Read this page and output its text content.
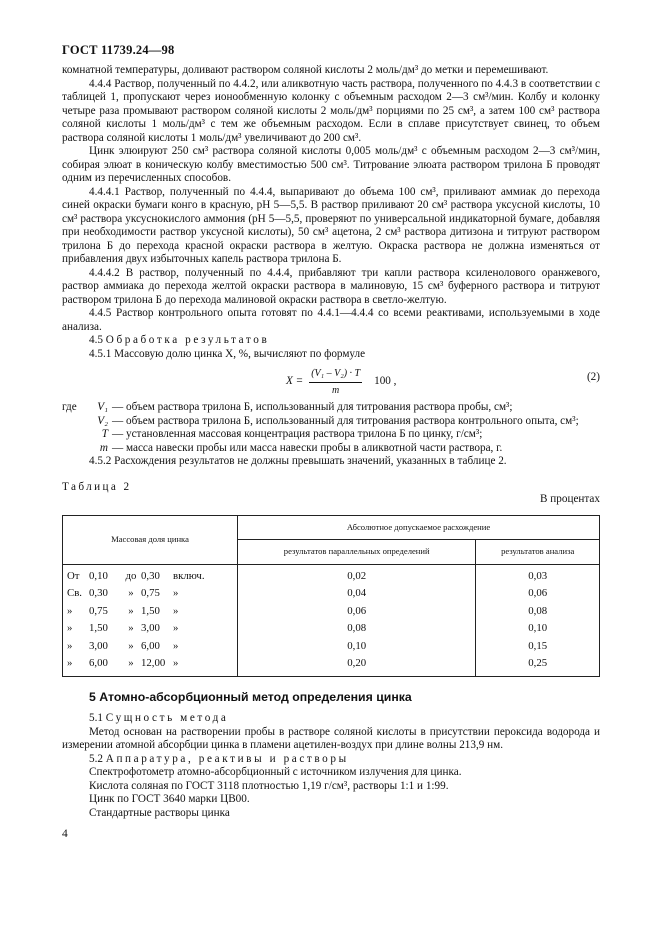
ГОСТ 11739.24—98

комнатной температуры, доливают раствором соляной кислоты 2 моль/дм³ до метки и перемешивают.

4.4.4 Раствор, полученный по 4.4.2, или аликвотную часть раствора, полученного по 4.4.3 в соответствии с таблицей 1, пропускают через ионообменную колонку с объемным расходом 2—3 см³/мин. Колбу и колонку четыре раза промывают раствором соляной кислоты 2 моль/дм³ порциями по 25 см³, а затем 100 см³ раствора соляной кислоты 1 моль/дм³ с тем же объемным расходом. Если в сплаве присутствует свинец, то объем раствора соляной кислоты 1 моль/дм³ увеличивают до 200 см³.

Цинк элюируют 250 см³ раствора соляной кислоты 0,005 моль/дм³ с объемным расходом 2—3 см³/мин, собирая элюат в коническую колбу вместимостью 500 см³. Титрование элюата раствором трилона Б проводят одним из перечисленных способов.

4.4.4.1 Раствор, полученный по 4.4.4, выпаривают до объема 100 см³, приливают аммиак до перехода синей окраски бумаги конго в красную, pH 5—5,5. В раствор приливают 20 см³ раствора уксусной кислоты, 10 см³ раствора уксуснокислого аммония (pH 5—5,5, проверяют по универсальной индикаторной бумаге, добавляя при необходимости раствор уксусной кислоты), 50 см³ ацетона, 2 см³ раствора дитизона и титруют раствором трилона Б до перехода красной окраски раствора в желтую. Окраска раствора не должна изменяться от прибавления двух избыточных капель раствора трилона Б.

4.4.4.2 В раствор, полученный по 4.4.4, прибавляют три капли раствора ксиленолового оранжевого, раствор аммиака до перехода желтой окраски раствора в малиновую, 15 см³ буферного раствора и титруют раствором трилона Б до перехода малиновой окраски раствора в светло-желтую.

4.4.5 Раствор контрольного опыта готовят по 4.4.1—4.4.4 со всеми реактивами, используемыми в ходе анализа.

4.5 Обработка результатов

4.5.1 Массовую долю цинка X, %, вычисляют по формуле

$X = \frac{\text{(V₁ – V₂) · T}}{m} 100$ ,	(2)
где	V₁ — объем раствора трилона Б, использованный для титрования раствора пробы, см³;
V₂ — объем раствора трилона Б, использованный для титрования раствора контрольного опыта, см³;
T — установленная массовая концентрация раствора трилона Б по цинку, г/см³;
m — масса навески пробы или масса навески пробы в аликвотной части раствора, г.

4.5.2 Расхождения результатов не должны превышать значений, указанных в таблице 2.

Таблица 2
В процентах
Массовая доля цинка	Абсолютное допускаемое расхождение	
	результатов параллельных определений	результатов анализа

От 0,10 до 0,30 включ.	0,02	0,03

Св. 0,30 » 0,75 »	0,04	0,06

» 0,75 » 1,50 »	0,06	0,08

» 1,50 » 3,00 »	0,08	0,10

» 3,00 » 6,00 »	0,10	0,15

» 6,00 » 12,00 »	0,20	0,25
5 Атомно-абсорбционный метод определения цинка

5.1 Сущность метода

Метод основан на растворении пробы в растворе соляной кислоты в присутствии пероксида водорода и измерении атомной абсорбции цинка в пламени ацетилен-воздух при длине волны 213,9 нм.

5.2 Аппаратура, реактивы и растворы

Спектрофотометр атомно-абсорбционный с источником излучения для цинка.

Кислота соляная по ГОСТ 3118 плотностью 1,19 г/см³, растворы 1:1 и 1:99.

Цинк по ГОСТ 3640 марки ЦВ00.

Стандартные растворы цинка

4
